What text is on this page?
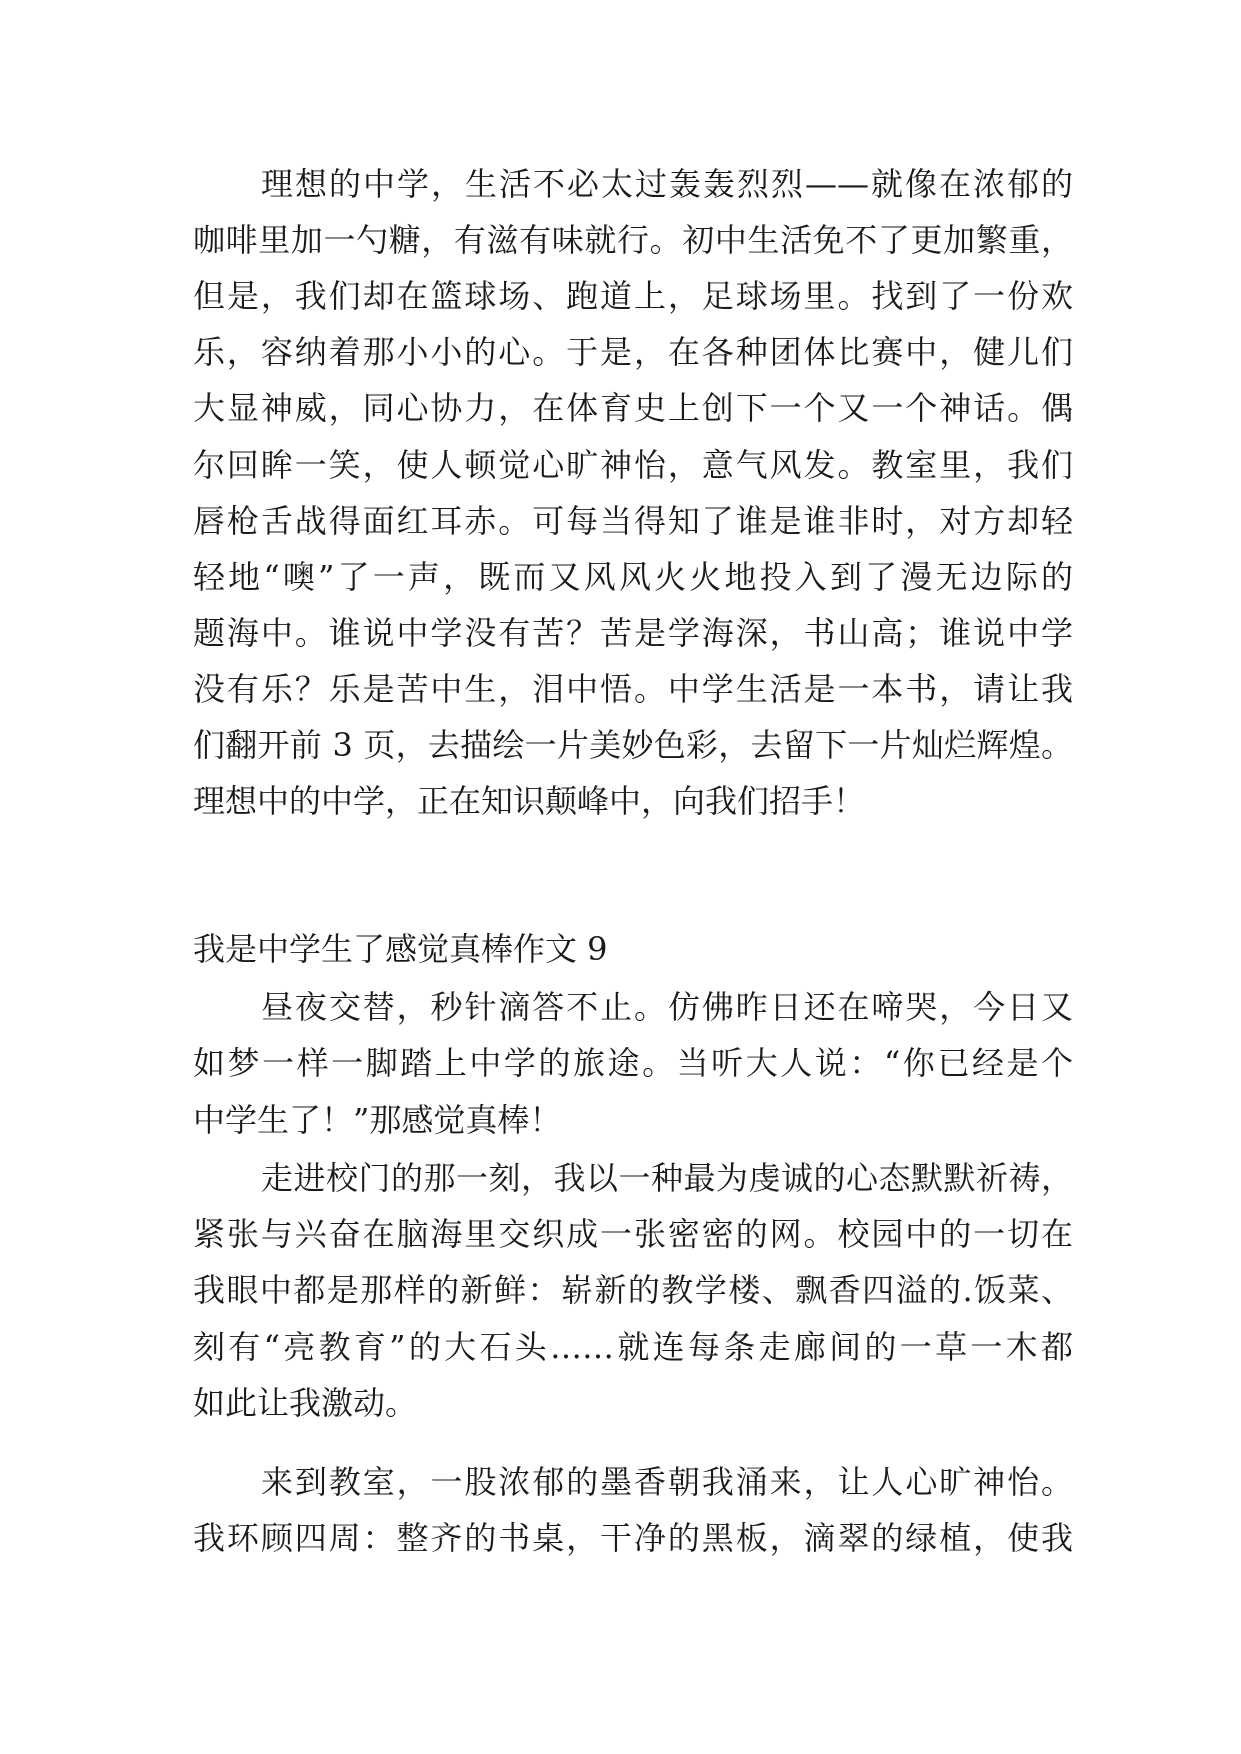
理想的中学，生活不必太过轰轰烈烈——就像在浓郁的
咖啡里加一勺糖，有滋有味就行。初中生活免不了更加繁重，
但是，我们却在篮球场、跑道上，足球场里。找到了一份欢
乐，容纳着那小小的心。于是，在各种团体比赛中，健儿们
大显神威，同心协力，在体育史上创下一个又一个神话。偶
尔回眸一笑，使人顿觉心旷神怡，意气风发。教室里，我们
唇枪舌战得面红耳赤。可每当得知了谁是谁非时，对方却轻
轻地“噢”了一声，既而又风风火火地投入到了漫无边际的
题海中。谁说中学没有苦？苦是学海深，书山高；谁说中学
没有乐？乐是苦中生，泪中悟。中学生活是一本书，请让我
们翻开前 3 页，去描绘一片美妙色彩，去留下一片灿烂辉煌。
理想中的中学，正在知识颠峰中，向我们招手！
我是中学生了感觉真棒作文 9
昼夜交替，秒针滴答不止。仿佛昨日还在啼哭，今日又
如梦一样一脚踏上中学的旅途。当听大人说：“你已经是个
中学生了！”那感觉真棒！
走进校门的那一刻，我以一种最为虔诚的心态默默祈祷，
紧张与兴奋在脑海里交织成一张密密的网。校园中的一切在
我眼中都是那样的新鲜：崭新的教学楼、飘香四溢的.饭菜、
刻有“亮教育”的大石头……就连每条走廊间的一草一木都
如此让我激动。
来到教室，一股浓郁的墨香朝我涌来，让人心旷神怡。
我环顾四周：整齐的书桌，干净的黑板，滴翠的绿植，使我
